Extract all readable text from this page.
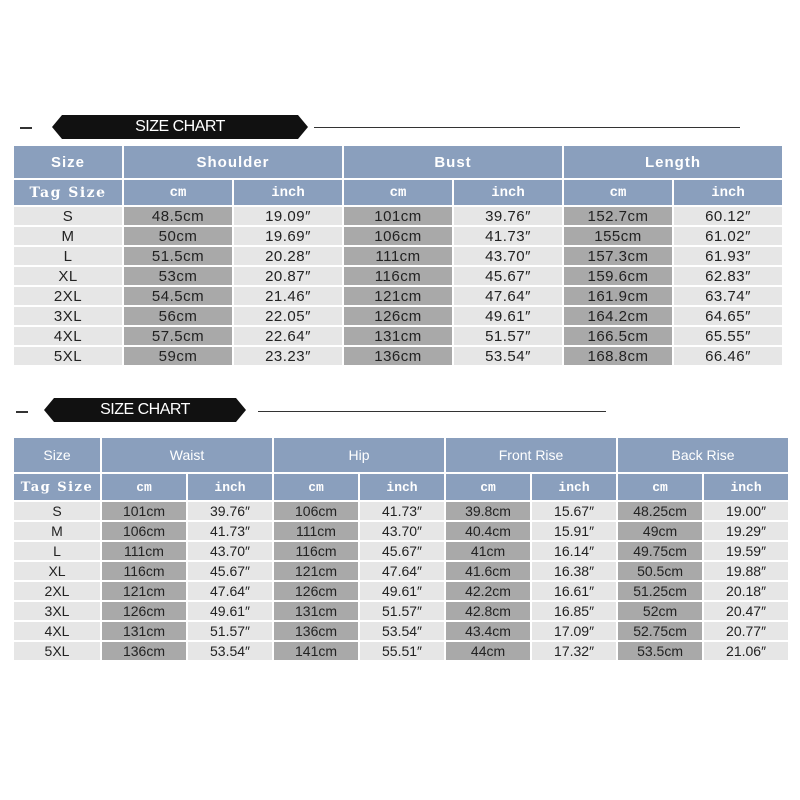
SIZE CHART
Size	Shoulder		Bust		Length	
Tag Size	cm	inch	cm	inch	cm	inch
S	48.5cm	19.09″	101cm	39.76″	152.7cm	60.12″
M	50cm	19.69″	106cm	41.73″	155cm	61.02″
L	51.5cm	20.28″	111cm	43.70″	157.3cm	61.93″
XL	53cm	20.87″	116cm	45.67″	159.6cm	62.83″
2XL	54.5cm	21.46″	121cm	47.64″	161.9cm	63.74″
3XL	56cm	22.05″	126cm	49.61″	164.2cm	64.65″
4XL	57.5cm	22.64″	131cm	51.57″	166.5cm	65.55″
5XL	59cm	23.23″	136cm	53.54″	168.8cm	66.46″
SIZE CHART
Size	Waist		Hip		Front Rise		Back Rise	
Tag Size	cm	inch	cm	inch	cm	inch	cm	inch
S	101cm	39.76″	106cm	41.73″	39.8cm	15.67″	48.25cm	19.00″
M	106cm	41.73″	111cm	43.70″	40.4cm	15.91″	49cm	19.29″
L	111cm	43.70″	116cm	45.67″	41cm	16.14″	49.75cm	19.59″
XL	116cm	45.67″	121cm	47.64″	41.6cm	16.38″	50.5cm	19.88″
2XL	121cm	47.64″	126cm	49.61″	42.2cm	16.61″	51.25cm	20.18″
3XL	126cm	49.61″	131cm	51.57″	42.8cm	16.85″	52cm	20.47″
4XL	131cm	51.57″	136cm	53.54″	43.4cm	17.09″	52.75cm	20.77″
5XL	136cm	53.54″	141cm	55.51″	44cm	17.32″	53.5cm	21.06″
